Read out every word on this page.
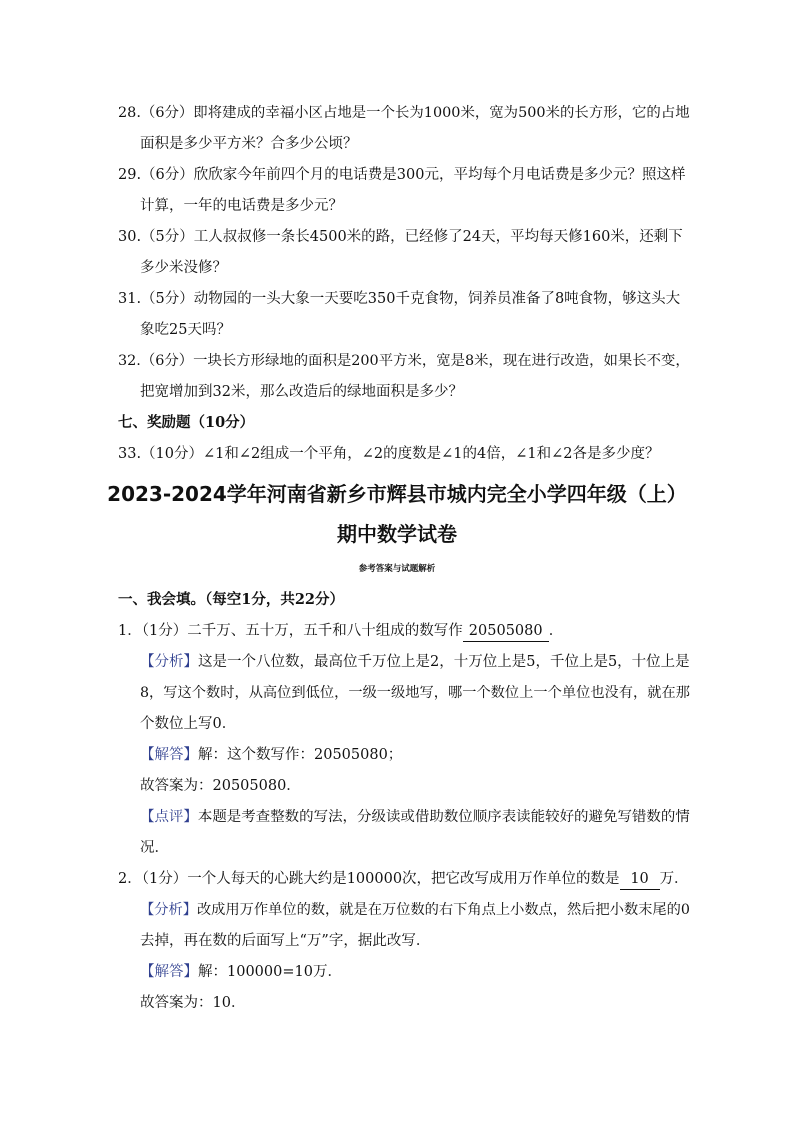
28.（6分）即将建成的幸福小区占地是一个长为1000米，宽为500米的长方形，它的占地
面积是多少平方米？合多少公顷？
29.（6分）欣欣家今年前四个月的电话费是300元，平均每个月电话费是多少元？照这样
计算，一年的电话费是多少元？
30.（5分）工人叔叔修一条长4500米的路，已经修了24天，平均每天修160米，还剩下
多少米没修？
31.（5分）动物园的一头大象一天要吃350千克食物，饲养员准备了8吨食物，够这头大
象吃25天吗？
32.（6分）一块长方形绿地的面积是200平方米，宽是8米，现在进行改造，如果长不变，
把宽增加到32米，那么改造后的绿地面积是多少？
七、奖励题（10分）
33.（10分）∠1和∠2组成一个平角，∠2的度数是∠1的4倍，∠1和∠2各是多少度？
2023-2024学年河南省新乡市辉县市城内完全小学四年级（上）
期中数学试卷
参考答案与试题解析
一、我会填。（每空1分，共22分）
1．（1分）二千万、五十万，五千和八十组成的数写作 20505080 ．
【分析】这是一个八位数，最高位千万位上是2，十万位上是5，千位上是5，十位上是
8，写这个数时，从高位到低位，一级一级地写，哪一个数位上一个单位也没有，就在那
个数位上写0．
【解答】解：这个数写作：20505080；
故答案为：20505080．
【点评】本题是考查整数的写法，分级读或借助数位顺序表读能较好的避免写错数的情
况．
2．（1分）一个人每天的心跳大约是100000次，把它改写成用万作单位的数是 10 万．
【分析】改成用万作单位的数，就是在万位数的右下角点上小数点，然后把小数末尾的0
去掉，再在数的后面写上“万”字，据此改写．
【解答】解：100000=10万．
故答案为：10．
